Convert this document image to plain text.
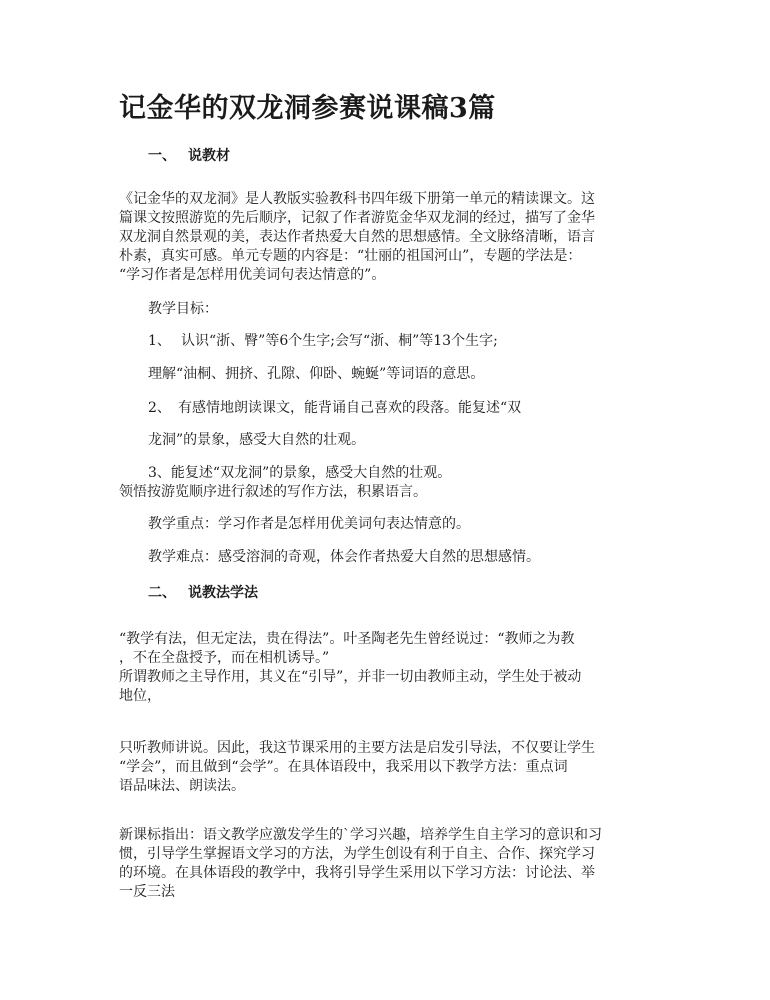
记金华的双龙洞参赛说课稿3篇
一、 说教材
《记金华的双龙洞》是人教版实验教科书四年级下册第一单元的精读课文。这
篇课文按照游览的先后顺序，记叙了作者游览金华双龙洞的经过，描写了金华
双龙洞自然景观的美，表达作者热爱大自然的思想感情。全文脉络清晰，语言
朴素，真实可感。单元专题的内容是：“壮丽的祖国河山”，专题的学法是：
“学习作者是怎样用优美词句表达情意的”。
教学目标：
1、 认识“浙、臀”等6个生字;会写“浙、桐”等13个生字;
理解“油桐、拥挤、孔隙、仰卧、蜿蜒”等词语的意思。
2、 有感情地朗读课文，能背诵自己喜欢的段落。能复述“双
龙洞”的景象，感受大自然的壮观。
3、能复述“双龙洞”的景象，感受大自然的壮观。
领悟按游览顺序进行叙述的写作方法，积累语言。
教学重点：学习作者是怎样用优美词句表达情意的。
教学难点：感受溶洞的奇观，体会作者热爱大自然的思想感情。
二、 说教法学法
“教学有法，但无定法，贵在得法”。叶圣陶老先生曾经说过：“教师之为教
，不在全盘授予，而在相机诱导。”
所谓教师之主导作用，其义在“引导”，并非一切由教师主动，学生处于被动
地位，
只听教师讲说。因此，我这节课采用的主要方法是启发引导法，不仅要让学生
“学会”，而且做到“会学”。在具体语段中，我采用以下教学方法：重点词
语品味法、朗读法。
新课标指出：语文教学应激发学生的`学习兴趣，培养学生自主学习的意识和习
惯，引导学生掌握语文学习的方法，为学生创设有利于自主、合作、探究学习
的环境。在具体语段的教学中，我将引导学生采用以下学习方法：讨论法、举
一反三法
